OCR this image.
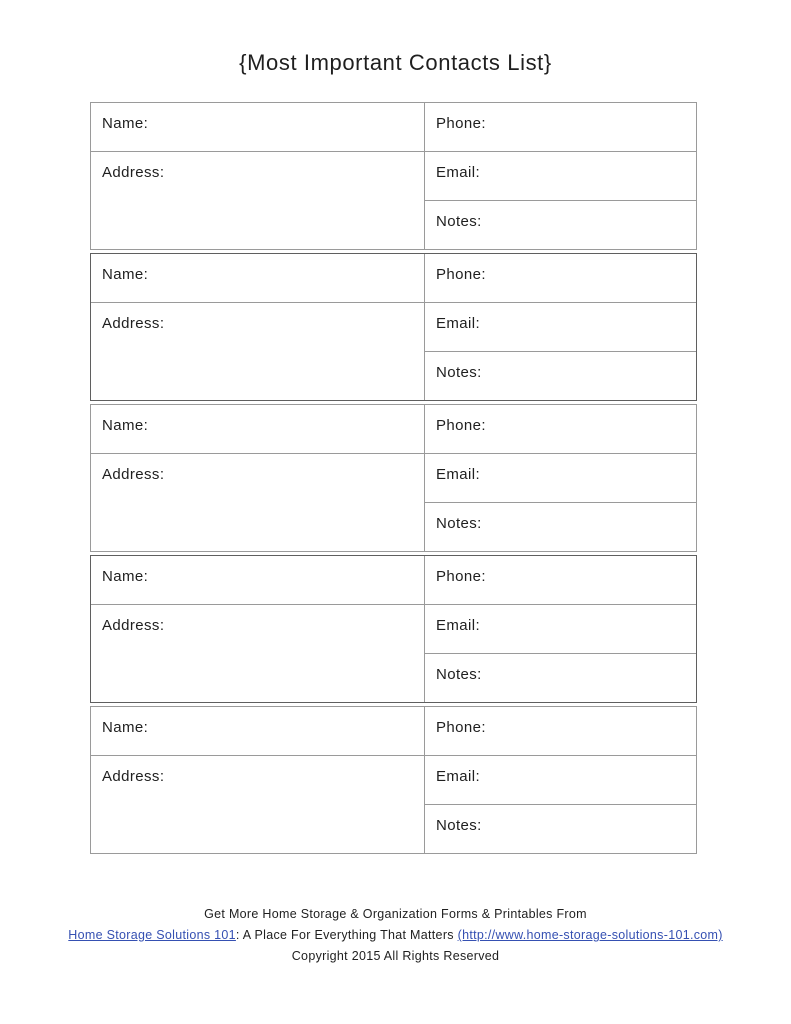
{Most Important Contacts List}
Name:	Phone:
Address:	Email:
Notes:
Name:	Phone:
Address:	Email:
Notes:
Name:	Phone:
Address:	Email:
Notes:
Name:	Phone:
Address:	Email:
Notes:
Name:	Phone:
Address:	Email:
Notes:
Get More Home Storage & Organization Forms & Printables From
Home Storage Solutions 101: A Place For Everything That Matters (http://www.home-storage-solutions-101.com)
Copyright 2015 All Rights Reserved
